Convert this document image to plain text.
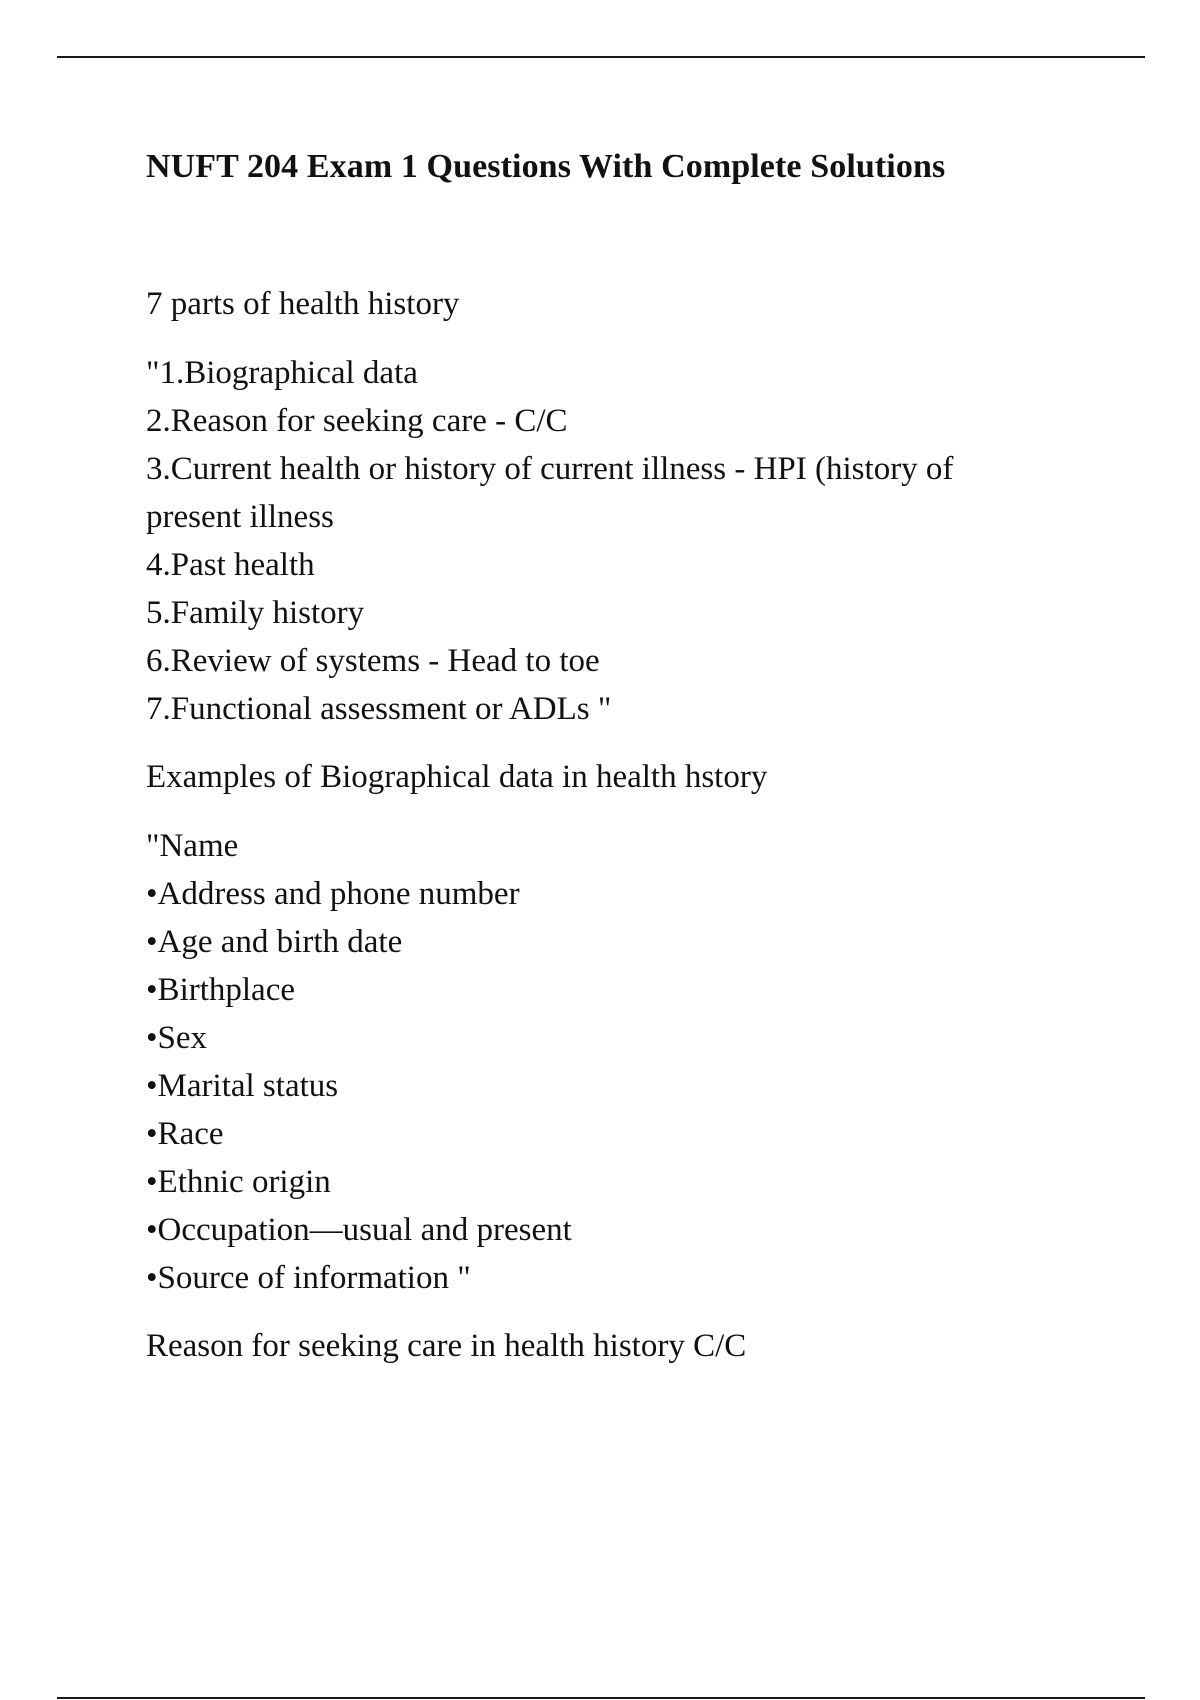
NUFT 204 Exam 1 Questions With Complete Solutions

7 parts of health history

"1.Biographical data
2.Reason for seeking care - C/C
3.Current health or history of current illness - HPI (history of
present illness
4.Past health
5.Family history
6.Review of systems - Head to toe
7.Functional assessment or ADLs "

Examples of Biographical data in health hstory

"Name
•Address and phone number
•Age and birth date
•Birthplace
•Sex
•Marital status
•Race
•Ethnic origin
•Occupation—usual and present
•Source of information "

Reason for seeking care in health history C/C
